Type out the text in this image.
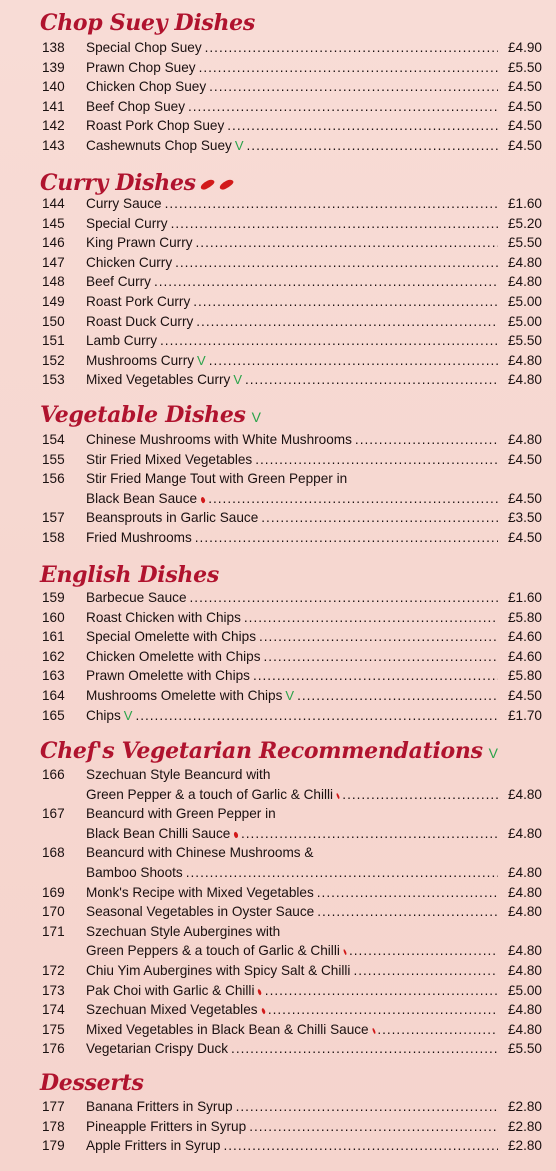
Chop Suey Dishes
138	Special Chop Suey .....	£4.90
139	Prawn Chop Suey .....	£5.50
140	Chicken Chop Suey .....	£4.50
141	Beef Chop Suey .....	£4.50
142	Roast Pork Chop Suey .....	£4.50
143	Cashewnuts Chop Suey V .....	£4.50
Curry Dishes
144	Curry Sauce .....	£1.60
145	Special Curry .....	£5.20
146	King Prawn Curry .....	£5.50
147	Chicken Curry .....	£4.80
148	Beef Curry .....	£4.80
149	Roast Pork Curry .....	£5.00
150	Roast Duck Curry .....	£5.00
151	Lamb Curry .....	£5.50
152	Mushrooms Curry V .....	£4.80
153	Mixed Vegetables Curry V .....	£4.80
Vegetable Dishes V
154	Chinese Mushrooms with White Mushrooms .....	£4.80
155	Stir Fried Mixed Vegetables .....	£4.50
156	Stir Fried Mange Tout with Green Pepper in
Black Bean Sauce .....	£4.50
157	Beansprouts in Garlic Sauce .....	£3.50
158	Fried Mushrooms .....	£4.50
English Dishes
159	Barbecue Sauce .....	£1.60
160	Roast Chicken with Chips .....	£5.80
161	Special Omelette with Chips .....	£4.60
162	Chicken Omelette with Chips .....	£4.60
163	Prawn Omelette with Chips .....	£5.80
164	Mushrooms Omelette with Chips V .....	£4.50
165	Chips V .....	£1.70
Chef's Vegetarian Recommendations V
166	Szechuan Style Beancurd with
Green Pepper & a touch of Garlic & Chilli .....	£4.80
167	Beancurd with Green Pepper in
Black Bean Chilli Sauce .....	£4.80
168	Beancurd with Chinese Mushrooms &
Bamboo Shoots .....	£4.80
169	Monk's Recipe with Mixed Vegetables .....	£4.80
170	Seasonal Vegetables in Oyster Sauce .....	£4.80
171	Szechuan Style Aubergines with
Green Peppers & a touch of Garlic & Chilli .....	£4.80
172	Chiu Yim Aubergines with Spicy Salt & Chilli .....	£4.80
173	Pak Choi with Garlic & Chilli .....	£5.00
174	Szechuan Mixed Vegetables .....	£4.80
175	Mixed Vegetables in Black Bean & Chilli Sauce .....	£4.80
176	Vegetarian Crispy Duck .....	£5.50
Desserts
177	Banana Fritters in Syrup .....	£2.80
178	Pineapple Fritters in Syrup .....	£2.80
179	Apple Fritters in Syrup .....	£2.80
